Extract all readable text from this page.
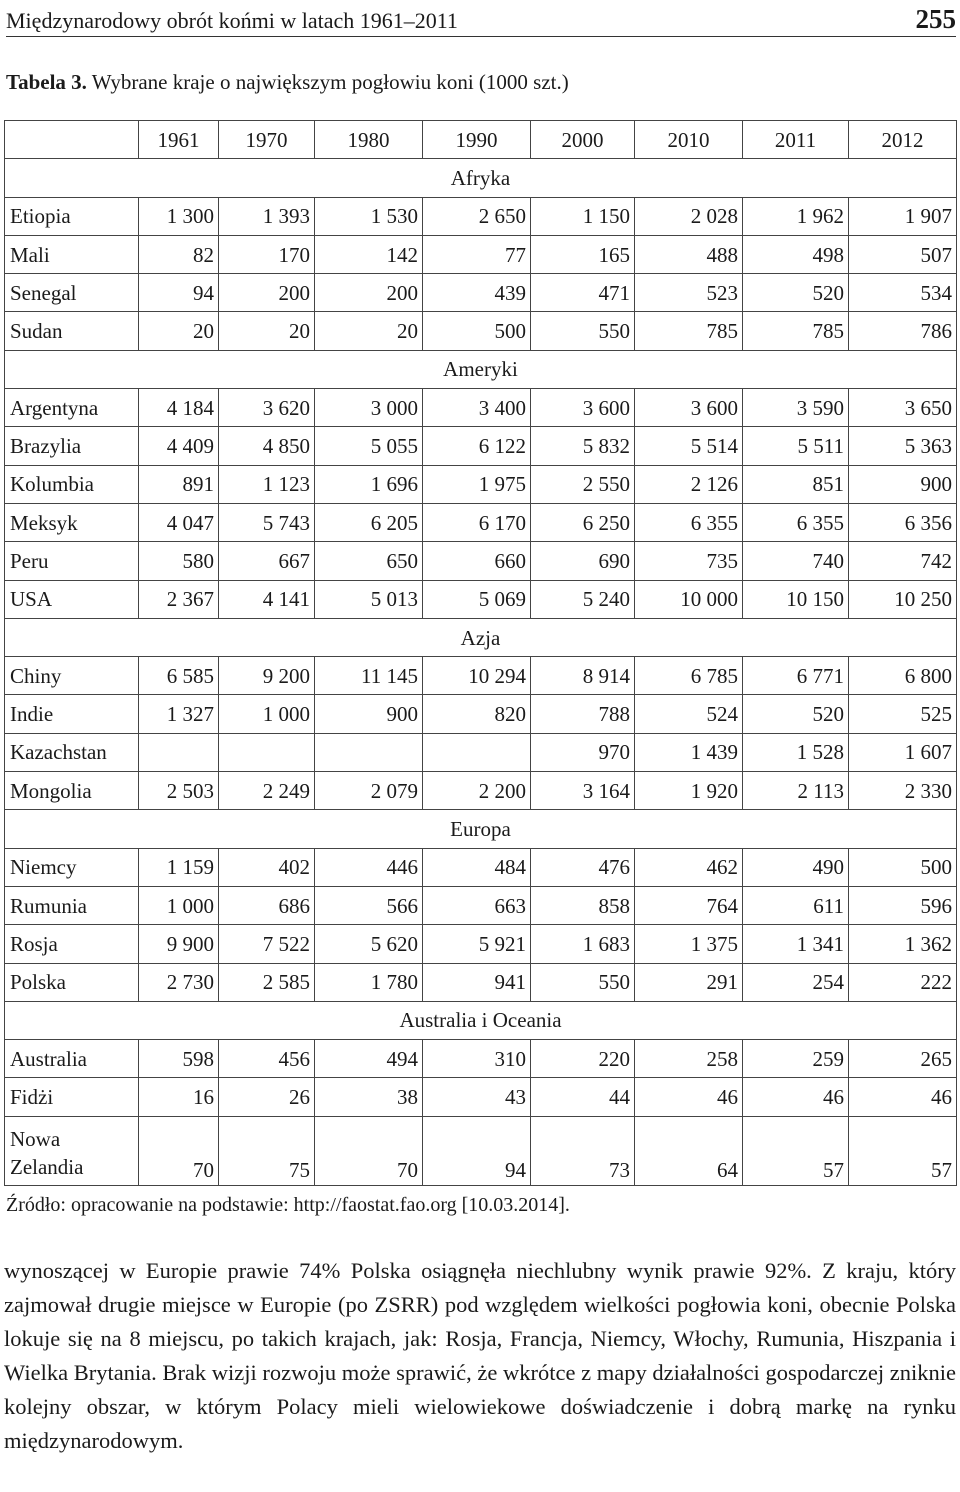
Międzynarodowy obrót końmi w latach 1961–2011	255
Tabela 3. Wybrane kraje o największym pogłowiu koni (1000 szt.)
	1961	1970	1980	1990	2000	2010	2011	2012
Afryka								
Etiopia	1 300	1 393	1 530	2 650	1 150	2 028	1 962	1 907
Mali	82	170	142	77	165	488	498	507
Senegal	94	200	200	439	471	523	520	534
Sudan	20	20	20	500	550	785	785	786
Ameryki								
Argentyna	4 184	3 620	3 000	3 400	3 600	3 600	3 590	3 650
Brazylia	4 409	4 850	5 055	6 122	5 832	5 514	5 511	5 363
Kolumbia	891	1 123	1 696	1 975	2 550	2 126	851	900
Meksyk	4 047	5 743	6 205	6 170	6 250	6 355	6 355	6 356
Peru	580	667	650	660	690	735	740	742
USA	2 367	4 141	5 013	5 069	5 240	10 000	10 150	10 250
Azja								
Chiny	6 585	9 200	11 145	10 294	8 914	6 785	6 771	6 800
Indie	1 327	1 000	900	820	788	524	520	525
Kazachstan					970	1 439	1 528	1 607
Mongolia	2 503	2 249	2 079	2 200	3 164	1 920	2 113	2 330
Europa								
Niemcy	1 159	402	446	484	476	462	490	500
Rumunia	1 000	686	566	663	858	764	611	596
Rosja	9 900	7 522	5 620	5 921	1 683	1 375	1 341	1 362
Polska	2 730	2 585	1 780	941	550	291	254	222
Australia i Oceania								
Australia	598	456	494	310	220	258	259	265
Fidżi	16	26	38	43	44	46	46	46
Nowa Zelandia	70	75	70	94	73	64	57	57
Źródło: opracowanie na podstawie: http://faostat.fao.org [10.03.2014].
wynoszącej w Europie prawie 74% Polska osiągnęła niechlubny wynik prawie 92%. Z kraju, który zajmował drugie miejsce w Europie (po ZSRR) pod względem wielkości pogłowia koni, obecnie Polska lokuje się na 8 miejscu, po takich krajach, jak: Rosja, Francja, Niemcy, Włochy, Rumunia, Hiszpania i Wielka Brytania. Brak wizji rozwoju może sprawić, że wkrótce z mapy działalności gospodarczej zniknie kolejny obszar, w którym Polacy mieli wielowiekowe doświadczenie i dobrą markę na rynku międzynarodowym.
